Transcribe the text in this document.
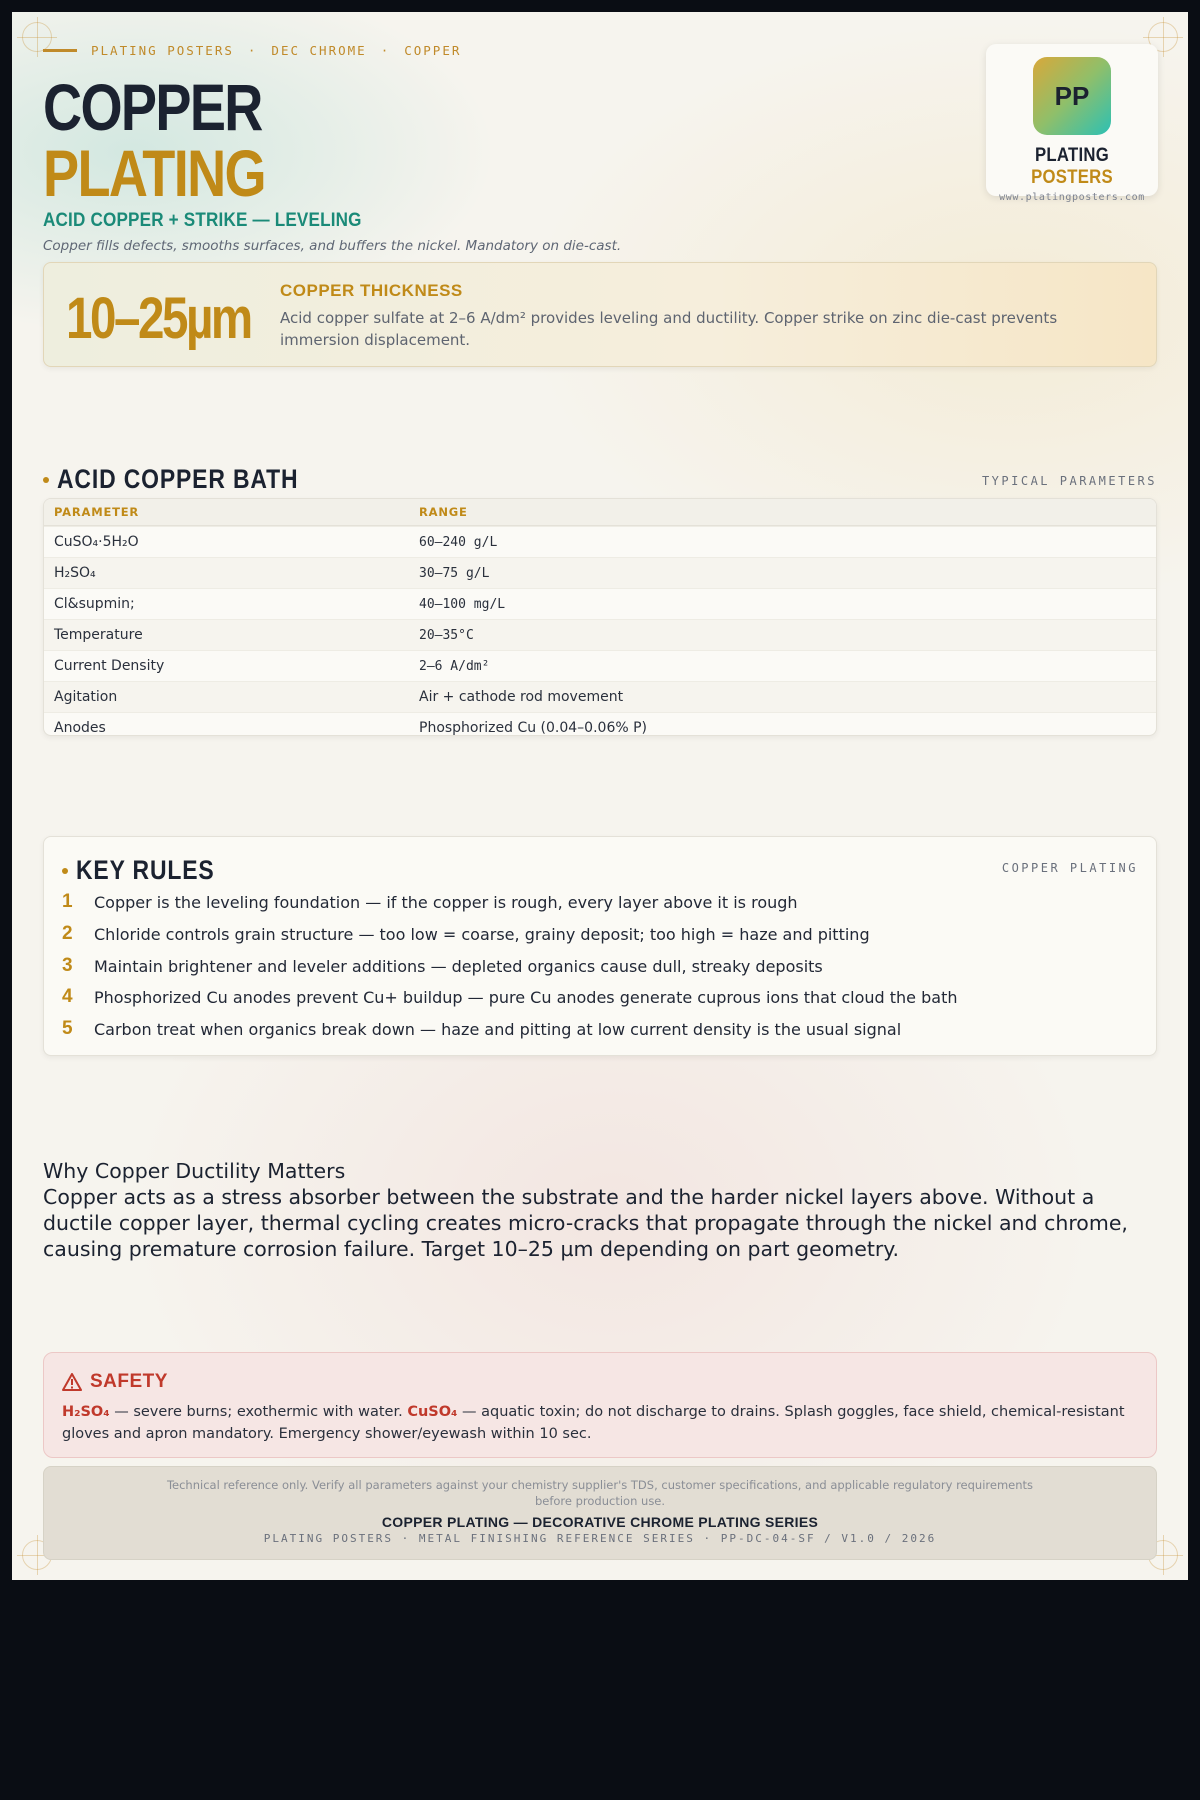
PLATING POSTERS · DEC CHROME · COPPER
COPPER
PLATING
ACID COPPER + STRIKE — LEVELING
Copper fills defects, smooths surfaces, and buffers the nickel. Mandatory on die-cast.
PP
PLATING POSTERS
www.platingposters.com
10–25µm COPPER THICKNESS
Acid copper sulfate at 2–6 A/dm² provides leveling and ductility. Copper strike on zinc die-cast prevents immersion displacement.
ACID COPPER BATH	TYPICAL PARAMETERS
PARAMETER	RANGE
CuSO₄·5H₂O	60–240 g/L
H₂SO₄	30–75 g/L
Cl&supmin;	40–100 mg/L
Temperature	20–35°C
Current Density	2–6 A/dm²
Agitation	Air + cathode rod movement
Anodes	Phosphorized Cu (0.04–0.06% P)
KEY RULES	COPPER PLATING
1	Copper is the leveling foundation — if the copper is rough, every layer above it is rough
2	Chloride controls grain structure — too low = coarse, grainy deposit; too high = haze and pitting
3	Maintain brightener and leveler additions — depleted organics cause dull, streaky deposits
4	Phosphorized Cu anodes prevent Cu+ buildup — pure Cu anodes generate cuprous ions that cloud the bath
5	Carbon treat when organics break down — haze and pitting at low current density is the usual signal
Why Copper Ductility Matters
Copper acts as a stress absorber between the substrate and the harder nickel layers above. Without a ductile copper layer, thermal cycling creates micro-cracks that propagate through the nickel and chrome, causing premature corrosion failure. Target 10–25 µm depending on part geometry.
SAFETY
H₂SO₄ — severe burns; exothermic with water. CuSO₄ — aquatic toxin; do not discharge to drains. Splash goggles, face shield, chemical-resistant gloves and apron mandatory. Emergency shower/eyewash within 10 sec.
Technical reference only. Verify all parameters against your chemistry supplier's TDS, customer specifications, and applicable regulatory requirements before production use.
COPPER PLATING — DECORATIVE CHROME PLATING SERIES
PLATING POSTERS · METAL FINISHING REFERENCE SERIES · PP-DC-04-SF / V1.0 / 2026
